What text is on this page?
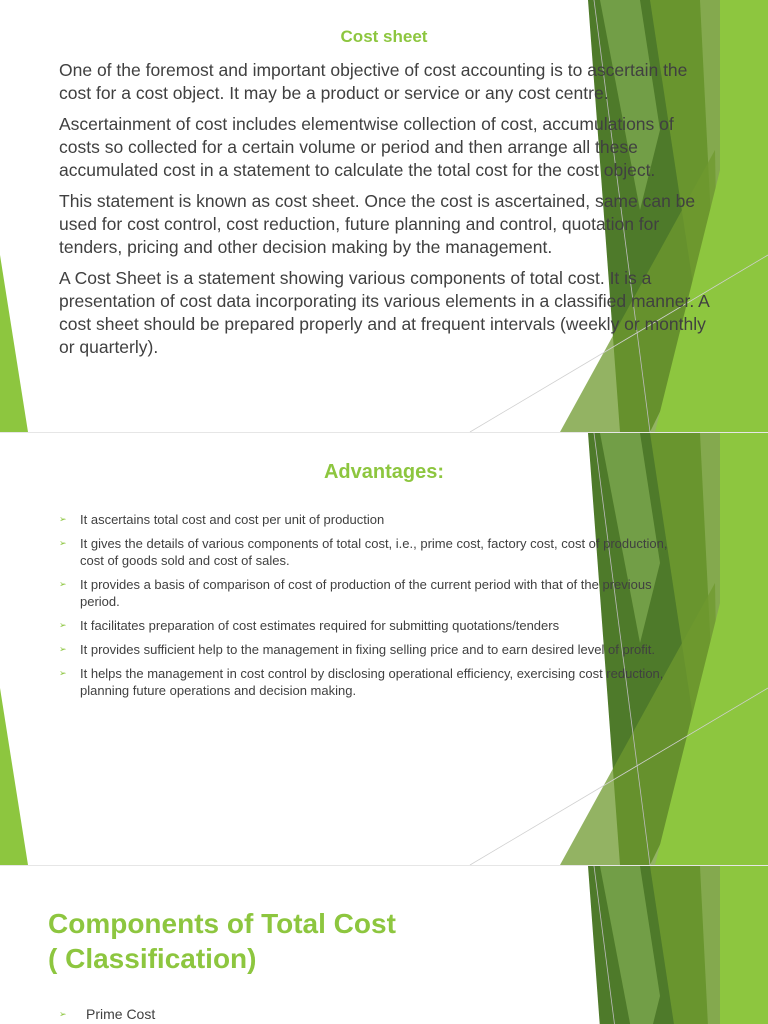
Cost sheet

One of the foremost and important objective of cost accounting is to ascertain the cost for a cost object. It may be a product or service or any cost centre.

Ascertainment of cost includes elementwise collection of cost, accumulations of costs so collected for a certain volume or period and then arrange all these accumulated cost in a statement to calculate the total cost for the cost object.

This statement is known as cost sheet. Once the cost is ascertained, same can be used for cost control, cost reduction, future planning and control, quotation for tenders, pricing and other decision making by the management.

A Cost Sheet is a statement showing various components of total cost. It is a presentation of cost data incorporating its various elements in a classified manner. A cost sheet should be prepared properly and at frequent intervals (weekly or monthly or quarterly).

Advantages:
➢ It ascertains total cost and cost per unit of production
➢ It gives the details of various components of total cost, i.e., prime cost, factory cost, cost of production, cost of goods sold and cost of sales.
➢ It provides a basis of comparison of cost of production of the current period with that of the previous period.
➢ It facilitates preparation of cost estimates required for submitting quotations/tenders
➢ It provides sufficient help to the management in fixing selling price and to earn desired level of profit.
➢ It helps the management in cost control by disclosing operational efficiency, exercising cost reduction, planning future operations and decision making.
Components of Total Cost
( Classification)
➢ Prime Cost
